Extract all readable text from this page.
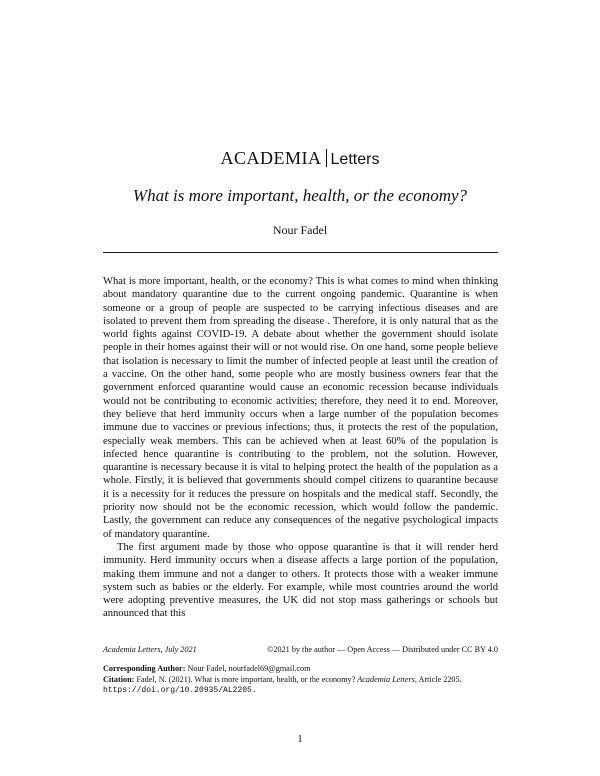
ACADEMIA Letters
What is more important, health, or the economy?
Nour Fadel

What is more important, health, or the economy? This is what comes to mind when thinking about mandatory quarantine due to the current ongoing pandemic. Quarantine is when someone or a group of people are suspected to be carrying infectious diseases and are isolated to prevent them from spreading the disease . Therefore, it is only natural that as the world fights against COVID-19. A debate about whether the government should isolate people in their homes against their will or not would rise. On one hand, some people believe that isolation is necessary to limit the number of infected people at least until the creation of a vaccine. On the other hand, some people who are mostly business owners fear that the government enforced quarantine would cause an economic recession because individuals would not be contributing to economic activities; therefore, they need it to end. Moreover, they believe that herd immunity occurs when a large number of the population becomes immune due to vaccines or previous infections; thus, it protects the rest of the population, especially weak members. This can be achieved when at least 60% of the population is infected hence quarantine is contributing to the problem, not the solution. However, quarantine is necessary because it is vital to helping protect the health of the population as a whole. Firstly, it is believed that governments should compel citizens to quarantine because it is a necessity for it reduces the pressure on hospitals and the medical staff. Secondly, the priority now should not be the economic recession, which would follow the pandemic. Lastly, the government can reduce any consequences of the negative psychological impacts of mandatory quarantine.

The first argument made by those who oppose quarantine is that it will render herd immunity. Herd immunity occurs when a disease affects a large portion of the population, making them immune and not a danger to others. It protects those with a weaker immune system such as babies or the elderly. For example, while most countries around the world were adopting preventive measures, the UK did not stop mass gatherings or schools but announced that this

Academia Letters, July 2021	©2021 by the author — Open Access — Distributed under CC BY 4.0
Corresponding Author: Nour Fadel, nourfadel69@gmail.com
Citation: Fadel, N. (2021). What is more important, health, or the economy? Academia Letters, Article 2205.
https://doi.org/10.20935/AL2205.
1
